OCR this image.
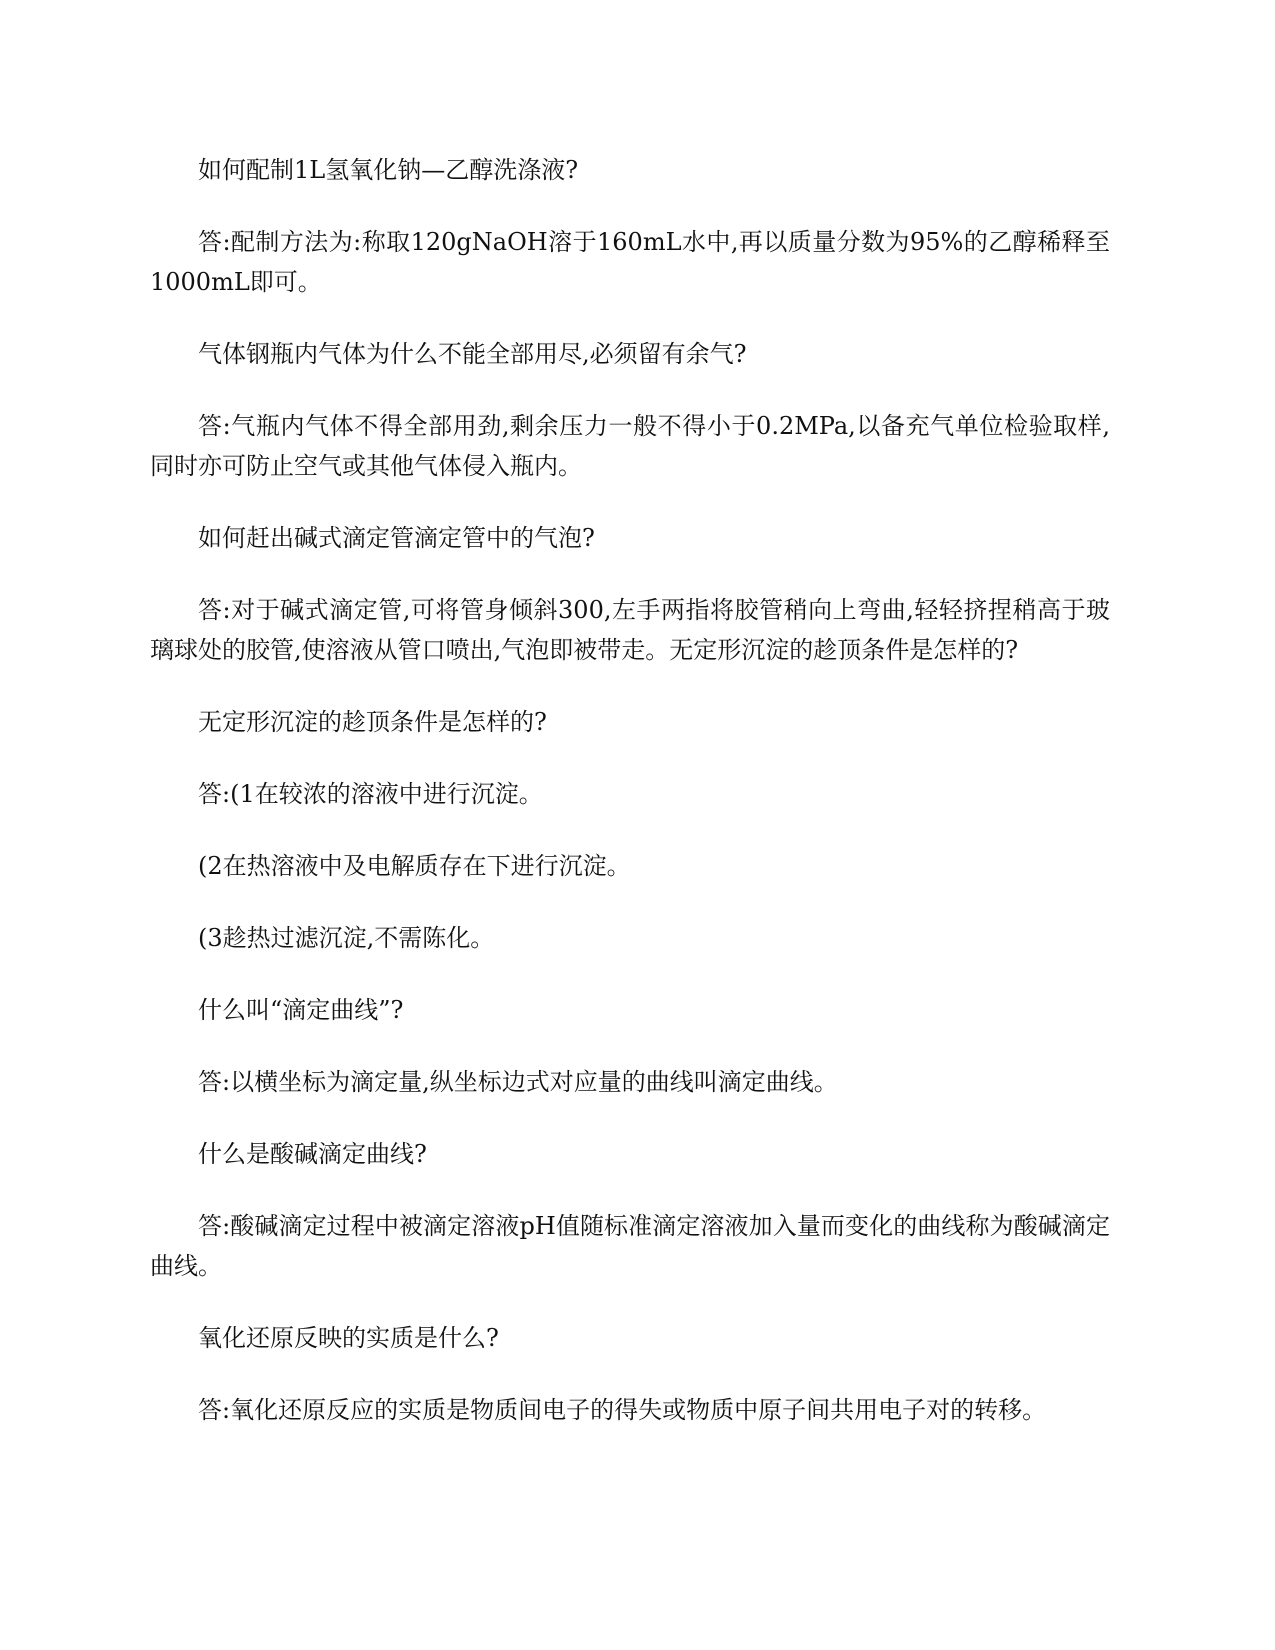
如何配制1L氢氧化钠—乙醇洗涤液?

答:配制方法为:称取120gNaOH溶于160mL水中,再以质量分数为95%的乙醇稀释至1000mL即可。

气体钢瓶内气体为什么不能全部用尽,必须留有余气?

答:气瓶内气体不得全部用劲,剩余压力一般不得小于0.2MPa,以备充气单位检验取样,同时亦可防止空气或其他气体侵入瓶内。

如何赶出碱式滴定管滴定管中的气泡?

答:对于碱式滴定管,可将管身倾斜300,左手两指将胶管稍向上弯曲,轻轻挤捏稍高于玻璃球处的胶管,使溶液从管口喷出,气泡即被带走。无定形沉淀的趁顶条件是怎样的?

无定形沉淀的趁顶条件是怎样的?

答:(1在较浓的溶液中进行沉淀。

(2在热溶液中及电解质存在下进行沉淀。

(3趁热过滤沉淀,不需陈化。

什么叫“滴定曲线”?

答:以横坐标为滴定量,纵坐标边式对应量的曲线叫滴定曲线。

什么是酸碱滴定曲线?

答:酸碱滴定过程中被滴定溶液pH值随标准滴定溶液加入量而变化的曲线称为酸碱滴定曲线。

氧化还原反映的实质是什么?

答:氧化还原反应的实质是物质间电子的得失或物质中原子间共用电子对的转移。
